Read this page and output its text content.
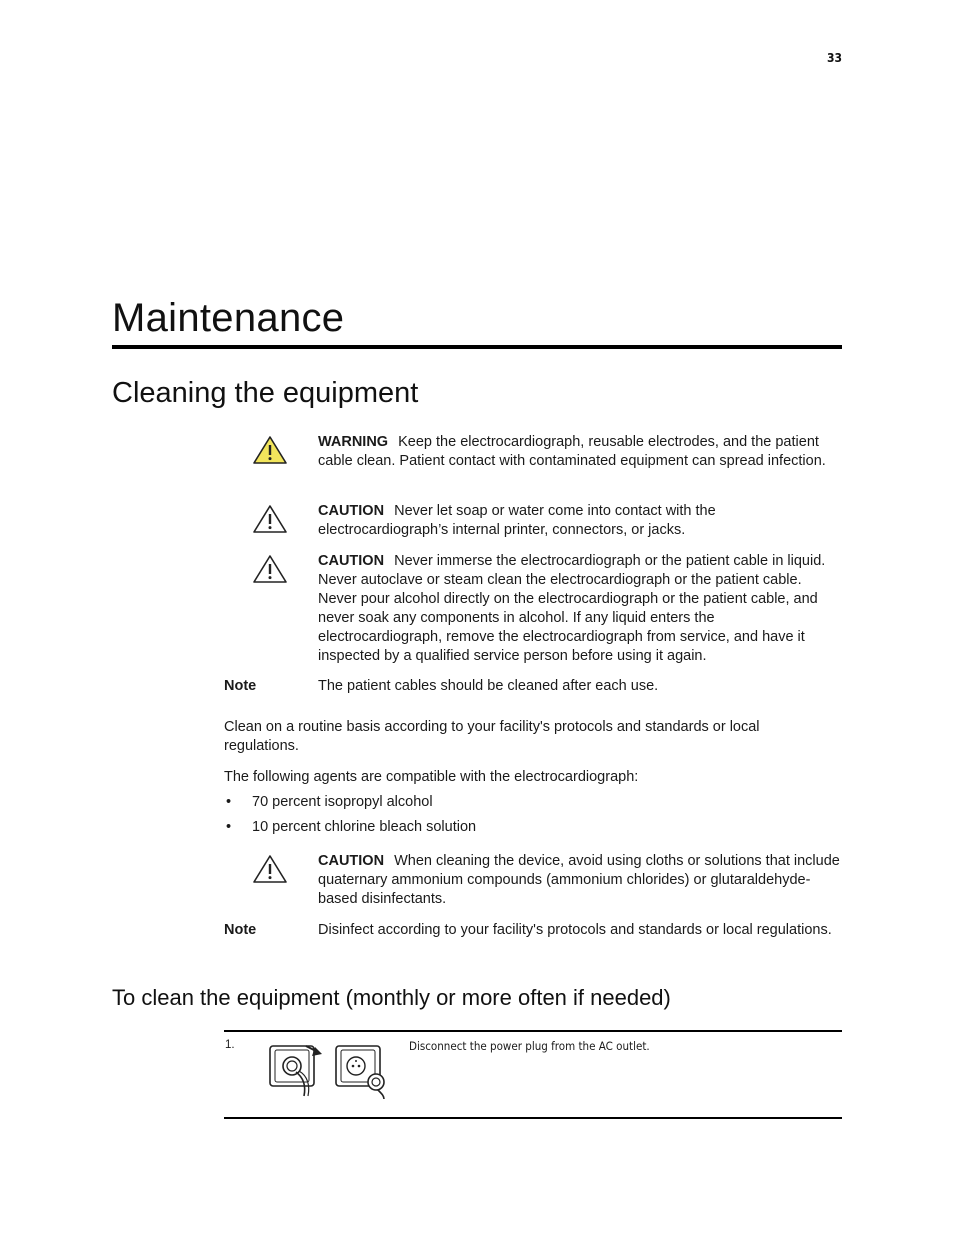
33
Maintenance
Cleaning the equipment
WARNING Keep the electrocardiograph, reusable electrodes, and the patient cable clean. Patient contact with contaminated equipment can spread infection.
CAUTION Never let soap or water come into contact with the electrocardiograph’s internal printer, connectors, or jacks.
CAUTION Never immerse the electrocardiograph or the patient cable in liquid. Never autoclave or steam clean the electrocardiograph or the patient cable. Never pour alcohol directly on the electrocardiograph or the patient cable, and never soak any components in alcohol. If any liquid enters the electrocardiograph, remove the electrocardiograph from service, and have it inspected by a qualified service person before using it again.
Note	The patient cables should be cleaned after each use.

Clean on a routine basis according to your facility's protocols and standards or local regulations.

The following agents are compatible with the electrocardiograph:

• 70 percent isopropyl alcohol
• 10 percent chlorine bleach solution
CAUTION When cleaning the device, avoid using cloths or solutions that include quaternary ammonium compounds (ammonium chlorides) or glutaraldehyde-based disinfectants.
Note	Disinfect according to your facility's protocols and standards or local regulations.
To clean the equipment (monthly or more often if needed)
1.	Disconnect the power plug from the AC outlet.
